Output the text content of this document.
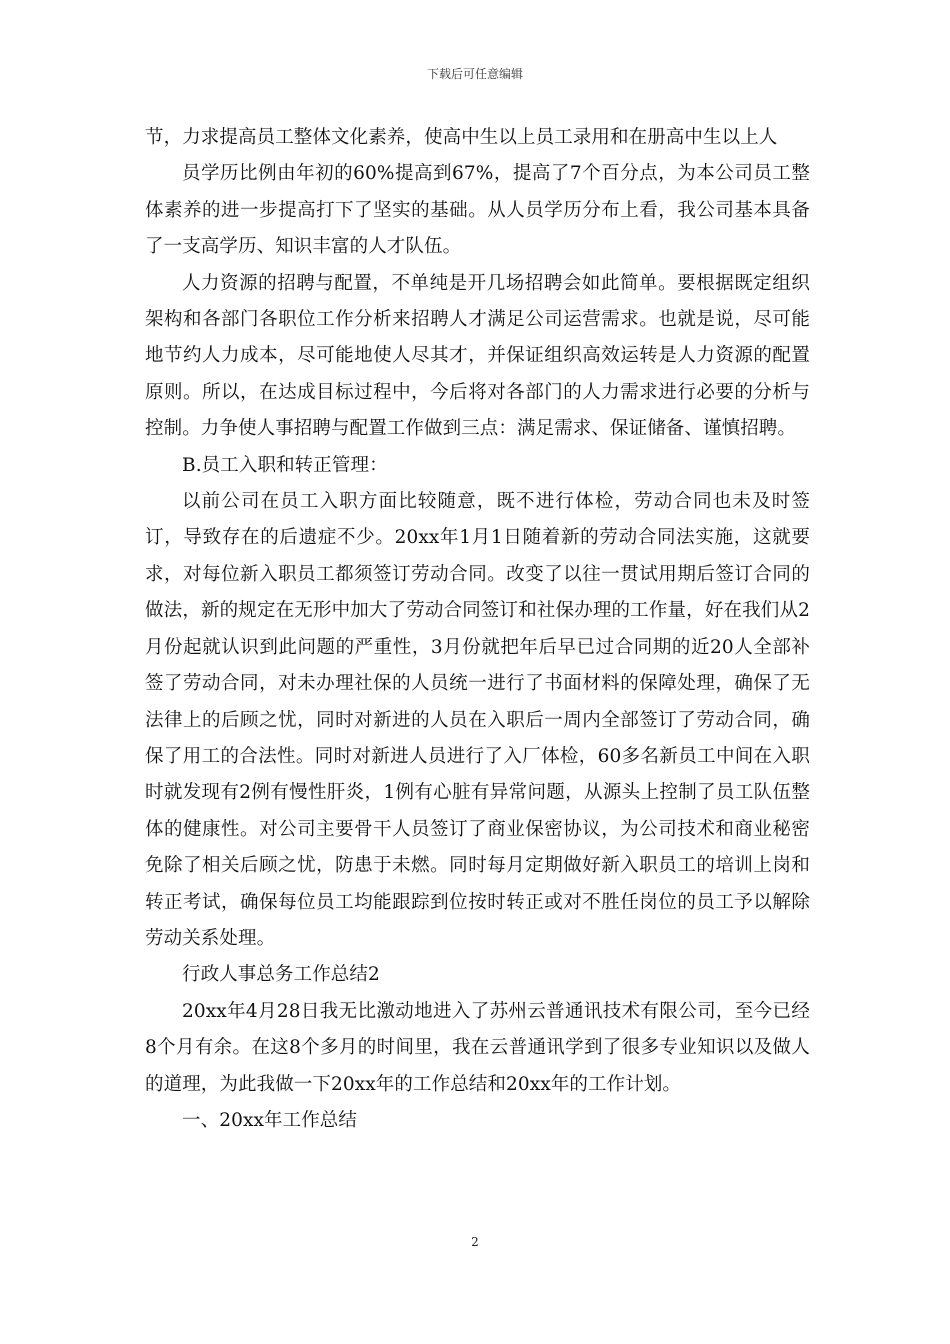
下载后可任意编辑

节，力求提高员工整体文化素养，使高中生以上员工录用和在册高中生以上人

员学历比例由年初的60%提高到67%，提高了7个百分点，为本公司员工整体素养的进一步提高打下了坚实的基础。从人员学历分布上看，我公司基本具备了一支高学历、知识丰富的人才队伍。

人力资源的招聘与配置，不单纯是开几场招聘会如此简单。要根据既定组织架构和各部门各职位工作分析来招聘人才满足公司运营需求。也就是说，尽可能地节约人力成本，尽可能地使人尽其才，并保证组织高效运转是人力资源的配置原则。所以，在达成目标过程中，今后将对各部门的人力需求进行必要的分析与控制。力争使人事招聘与配置工作做到三点：满足需求、保证储备、谨慎招聘。

B.员工入职和转正管理：

以前公司在员工入职方面比较随意，既不进行体检，劳动合同也未及时签订，导致存在的后遗症不少。20xx年1月1日随着新的劳动合同法实施，这就要求，对每位新入职员工都须签订劳动合同。改变了以往一贯试用期后签订合同的做法，新的规定在无形中加大了劳动合同签订和社保办理的工作量，好在我们从2月份起就认识到此问题的严重性，3月份就把年后早已过合同期的近20人全部补签了劳动合同，对未办理社保的人员统一进行了书面材料的保障处理，确保了无法律上的后顾之忧，同时对新进的人员在入职后一周内全部签订了劳动合同，确保了用工的合法性。同时对新进人员进行了入厂体检，60多名新员工中间在入职时就发现有2例有慢性肝炎，1例有心脏有异常问题，从源头上控制了员工队伍整体的健康性。对公司主要骨干人员签订了商业保密协议，为公司技术和商业秘密免除了相关后顾之忧，防患于未燃。同时每月定期做好新入职员工的培训上岗和转正考试，确保每位员工均能跟踪到位按时转正或对不胜任岗位的员工予以解除劳动关系处理。

行政人事总务工作总结2

20xx年4月28日我无比激动地进入了苏州云普通讯技术有限公司，至今已经8个月有余。在这8个多月的时间里，我在云普通讯学到了很多专业知识以及做人的道理，为此我做一下20xx年的工作总结和20xx年的工作计划。

一、20xx年工作总结

2
